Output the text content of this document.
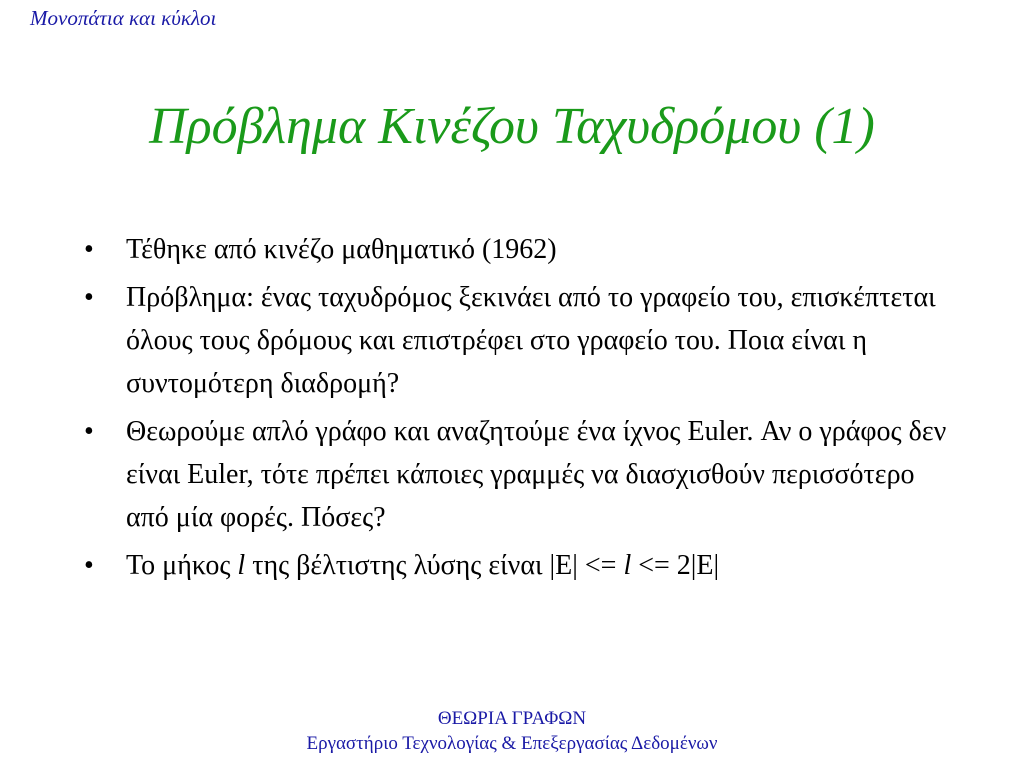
Μονοπάτια και κύκλοι
Πρόβλημα Κινέζου Ταχυδρόμου (1)
• Τέθηκε από κινέζο μαθηματικό (1962)
• Πρόβλημα: ένας ταχυδρόμος ξεκινάει από το γραφείο του, επισκέπτεται όλους τους δρόμους και επιστρέφει στο γραφείο του. Ποια είναι η συντομότερη διαδρομή?
• Θεωρούμε απλό γράφο και αναζητούμε ένα ίχνος Euler. Αν ο γράφος δεν είναι Euler, τότε πρέπει κάποιες γραμμές να διασχισθούν περισσότερο από μία φορές. Πόσες?
• Το μήκος l της βέλτιστης λύσης είναι |E| <= l <= 2|E|
ΘΕΩΡΙΑ ΓΡΑΦΩΝ
Εργαστήριο Τεχνολογίας & Επεξεργασίας Δεδομένων
